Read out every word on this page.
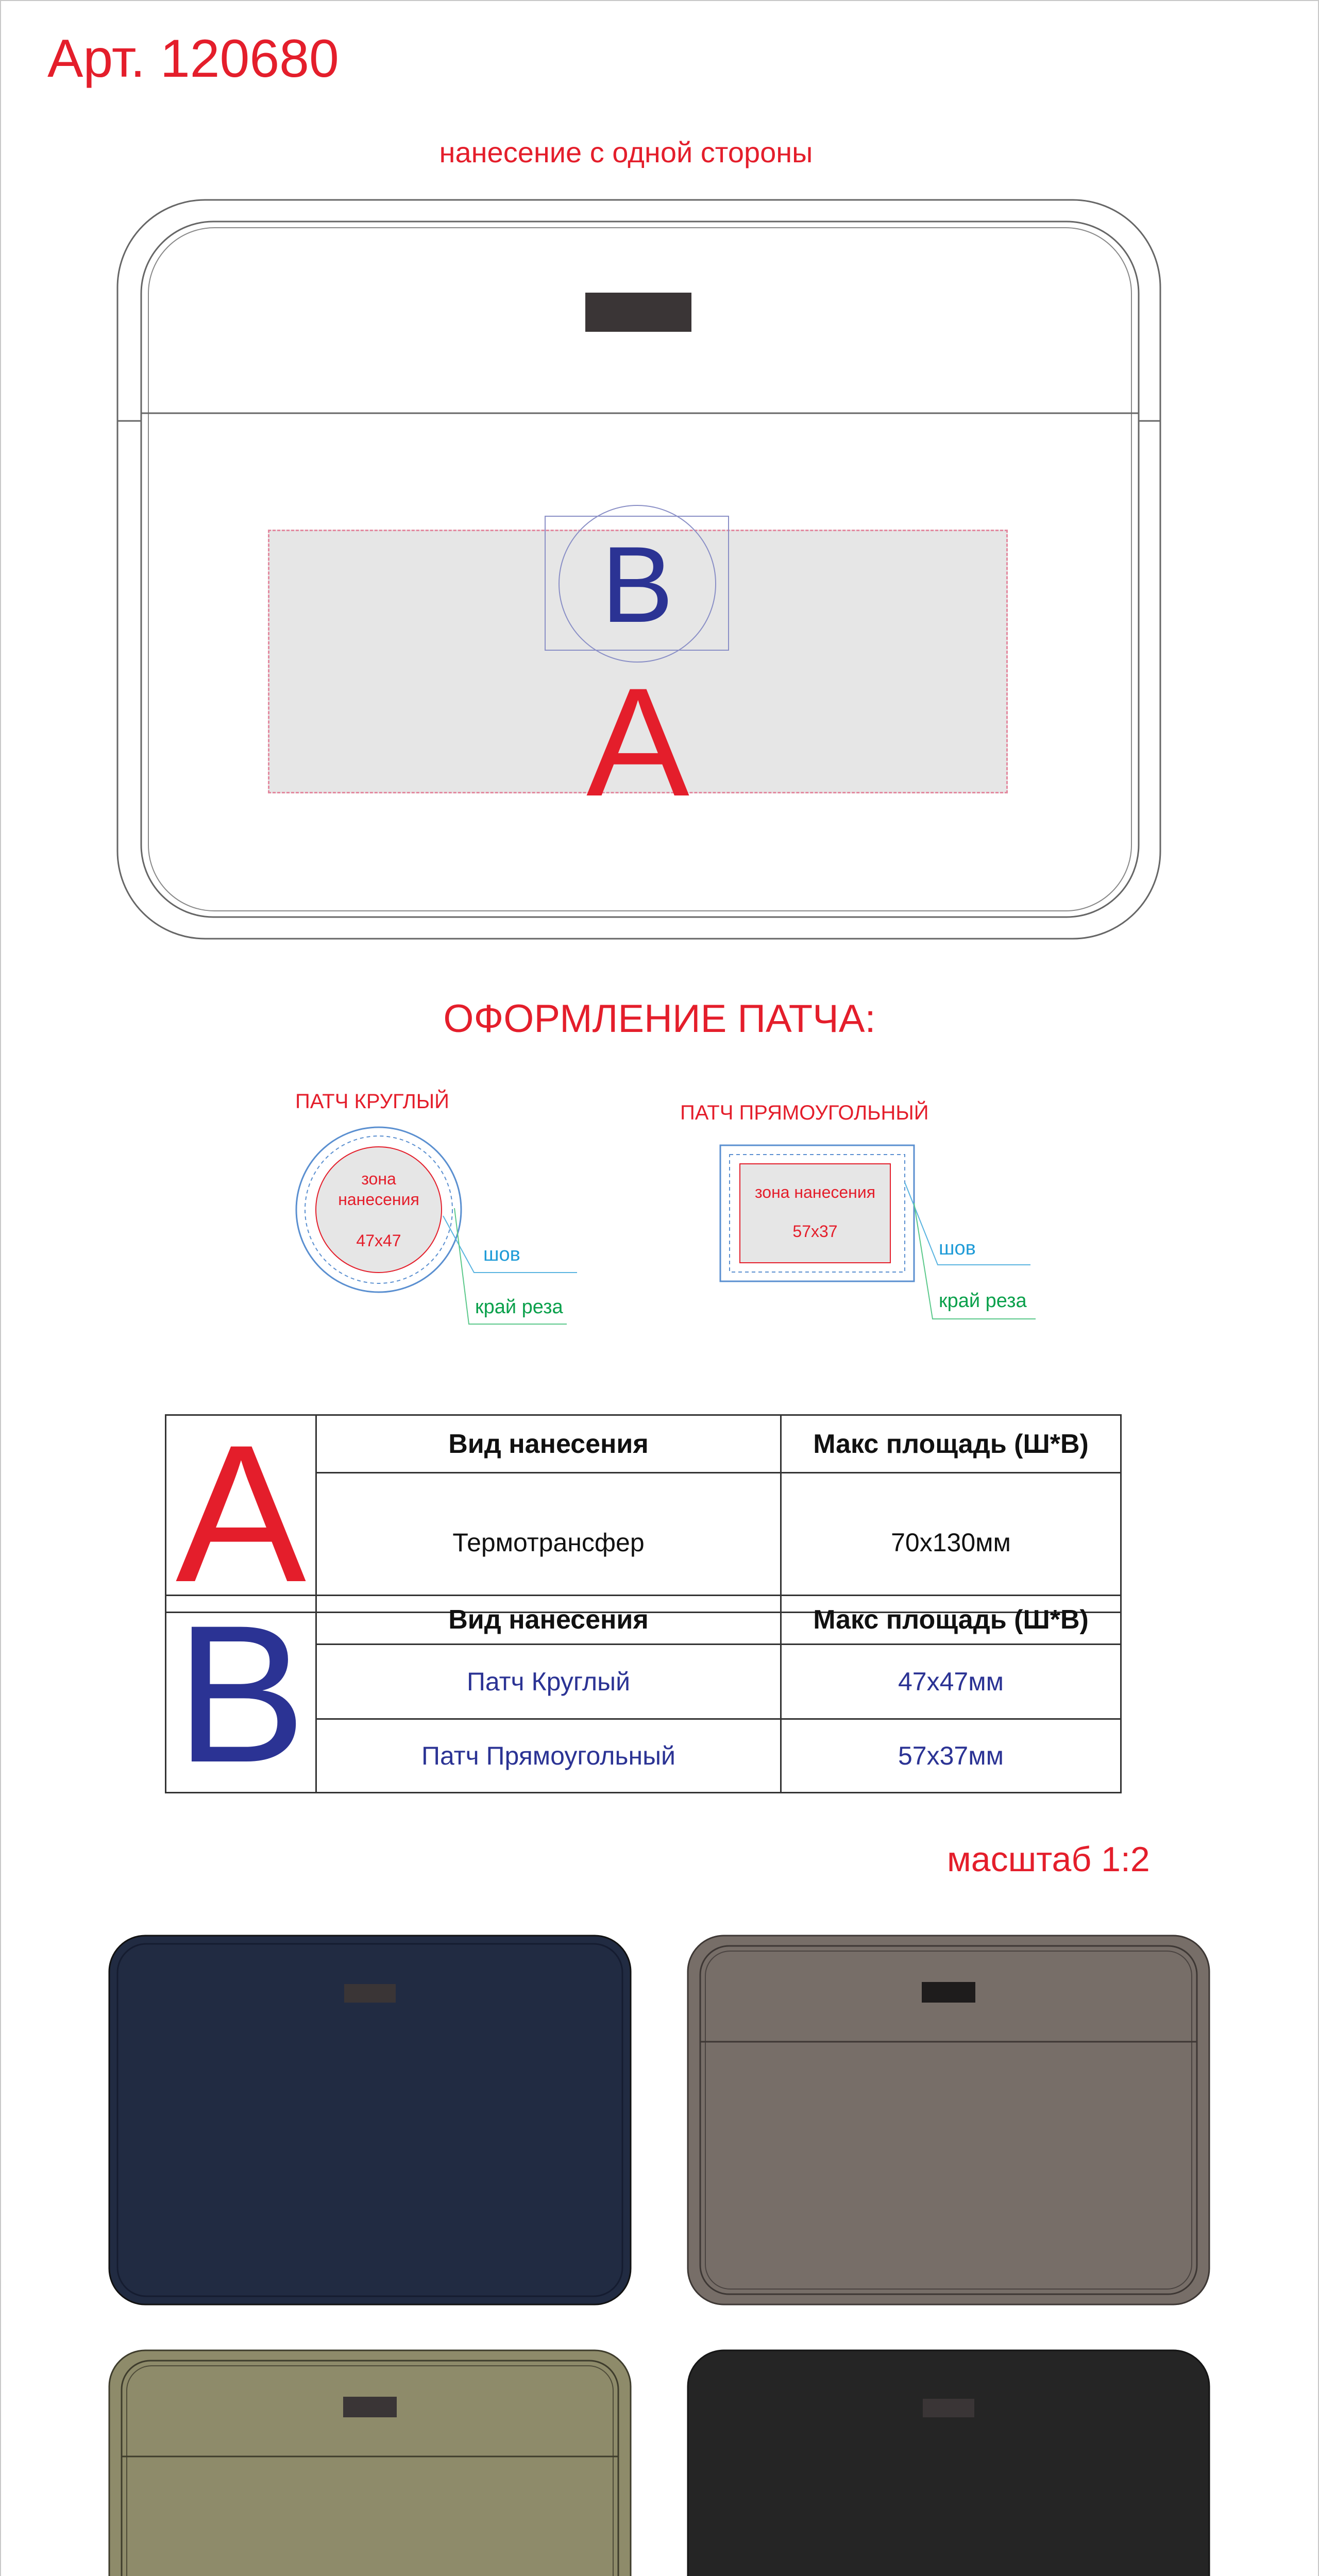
Арт. 120680
нанесение с одной стороны
B
A
ОФОРМЛЕНИЕ ПАТЧА:
ПАТЧ КРУГЛЫЙ	ПАТЧ ПРЯМОУГОЛЬНЫЙ
зона
нанесения
47х47
шов
край реза
зона нанесения
57х37
шов
край реза
A	Вид нанесения	Макс площадь (Ш*В)
	Термотрансфер	70х130мм
B	Вид нанесения	Макс площадь (Ш*В)
	Патч Круглый	47х47мм
	Патч Прямоугольный	57х37мм
масштаб 1:2
